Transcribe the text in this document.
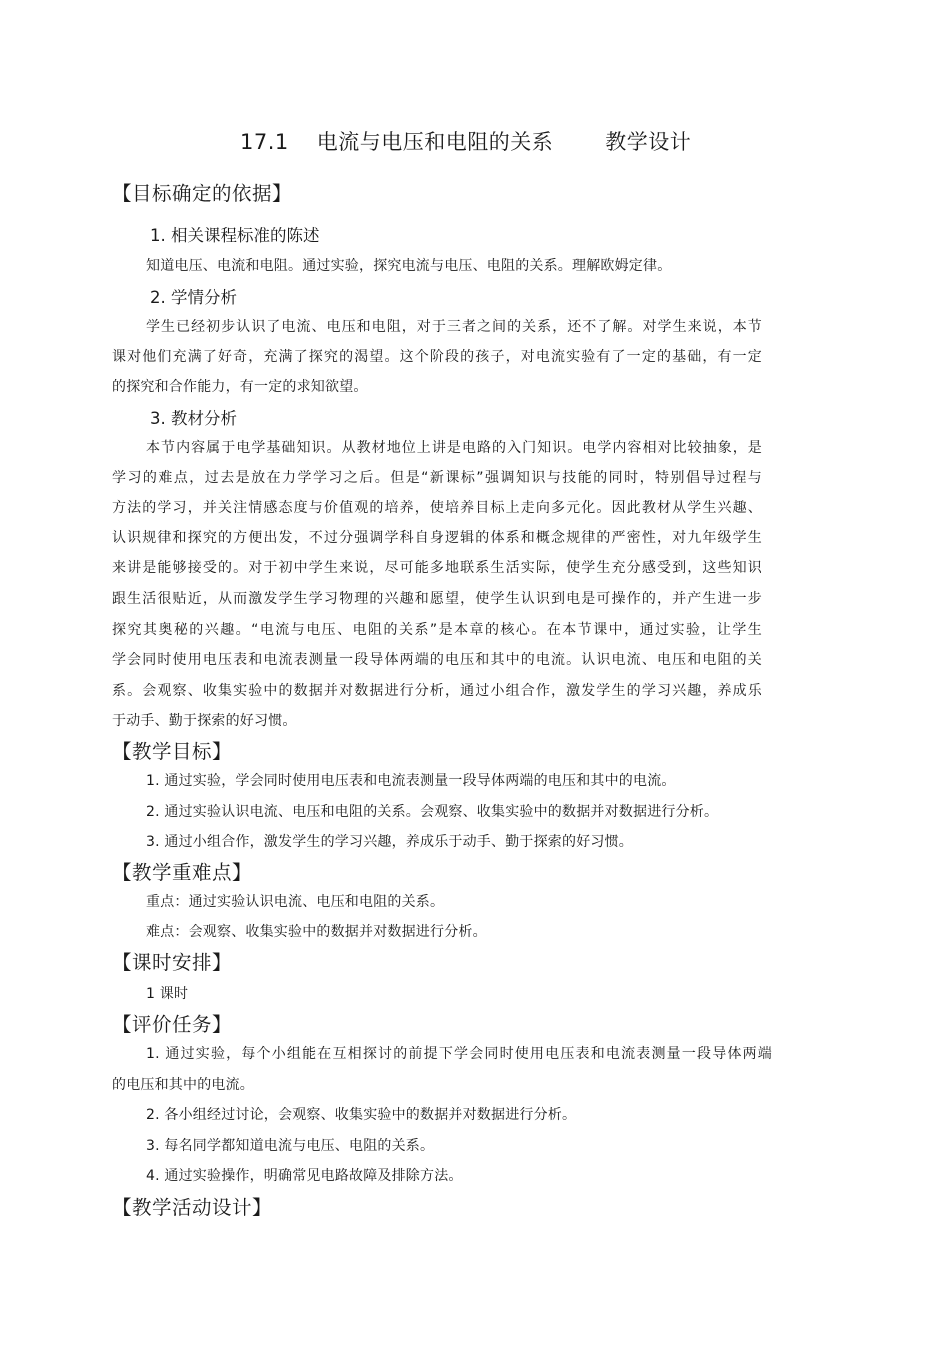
17.1 电流与电压和电阻的关系 教学设计
【目标确定的依据】
1. 相关课程标准的陈述
知道电压、电流和电阻。通过实验，探究电流与电压、电阻的关系。理解欧姆定律。
2. 学情分析
学生已经初步认识了电流、电压和电阻，对于三者之间的关系，还不了解。对学生来说，本节
课对他们充满了好奇，充满了探究的渴望。这个阶段的孩子，对电流实验有了一定的基础，有一定
的探究和合作能力，有一定的求知欲望。
3. 教材分析
本节内容属于电学基础知识。从教材地位上讲是电路的入门知识。电学内容相对比较抽象，是
学习的难点，过去是放在力学学习之后。但是“新课标”强调知识与技能的同时，特别倡导过程与
方法的学习，并关注情感态度与价值观的培养，使培养目标上走向多元化。因此教材从学生兴趣、
认识规律和探究的方便出发，不过分强调学科自身逻辑的体系和概念规律的严密性，对九年级学生
来讲是能够接受的。对于初中学生来说，尽可能多地联系生活实际，使学生充分感受到，这些知识
跟生活很贴近，从而激发学生学习物理的兴趣和愿望，使学生认识到电是可操作的，并产生进一步
探究其奥秘的兴趣。“电流与电压、电阻的关系”是本章的核心。在本节课中，通过实验，让学生
学会同时使用电压表和电流表测量一段导体两端的电压和其中的电流。认识电流、电压和电阻的关
系。会观察、收集实验中的数据并对数据进行分析，通过小组合作，激发学生的学习兴趣，养成乐
于动手、勤于探索的好习惯。
【教学目标】
1. 通过实验，学会同时使用电压表和电流表测量一段导体两端的电压和其中的电流。
2. 通过实验认识电流、电压和电阻的关系。会观察、收集实验中的数据并对数据进行分析。
3. 通过小组合作，激发学生的学习兴趣，养成乐于动手、勤于探索的好习惯。
【教学重难点】
重点：通过实验认识电流、电压和电阻的关系。
难点：会观察、收集实验中的数据并对数据进行分析。
【课时安排】
1 课时
【评价任务】
1. 通过实验，每个小组能在互相探讨的前提下学会同时使用电压表和电流表测量一段导体两端
的电压和其中的电流。
2. 各小组经过讨论，会观察、收集实验中的数据并对数据进行分析。
3. 每名同学都知道电流与电压、电阻的关系。
4. 通过实验操作，明确常见电路故障及排除方法。
【教学活动设计】
